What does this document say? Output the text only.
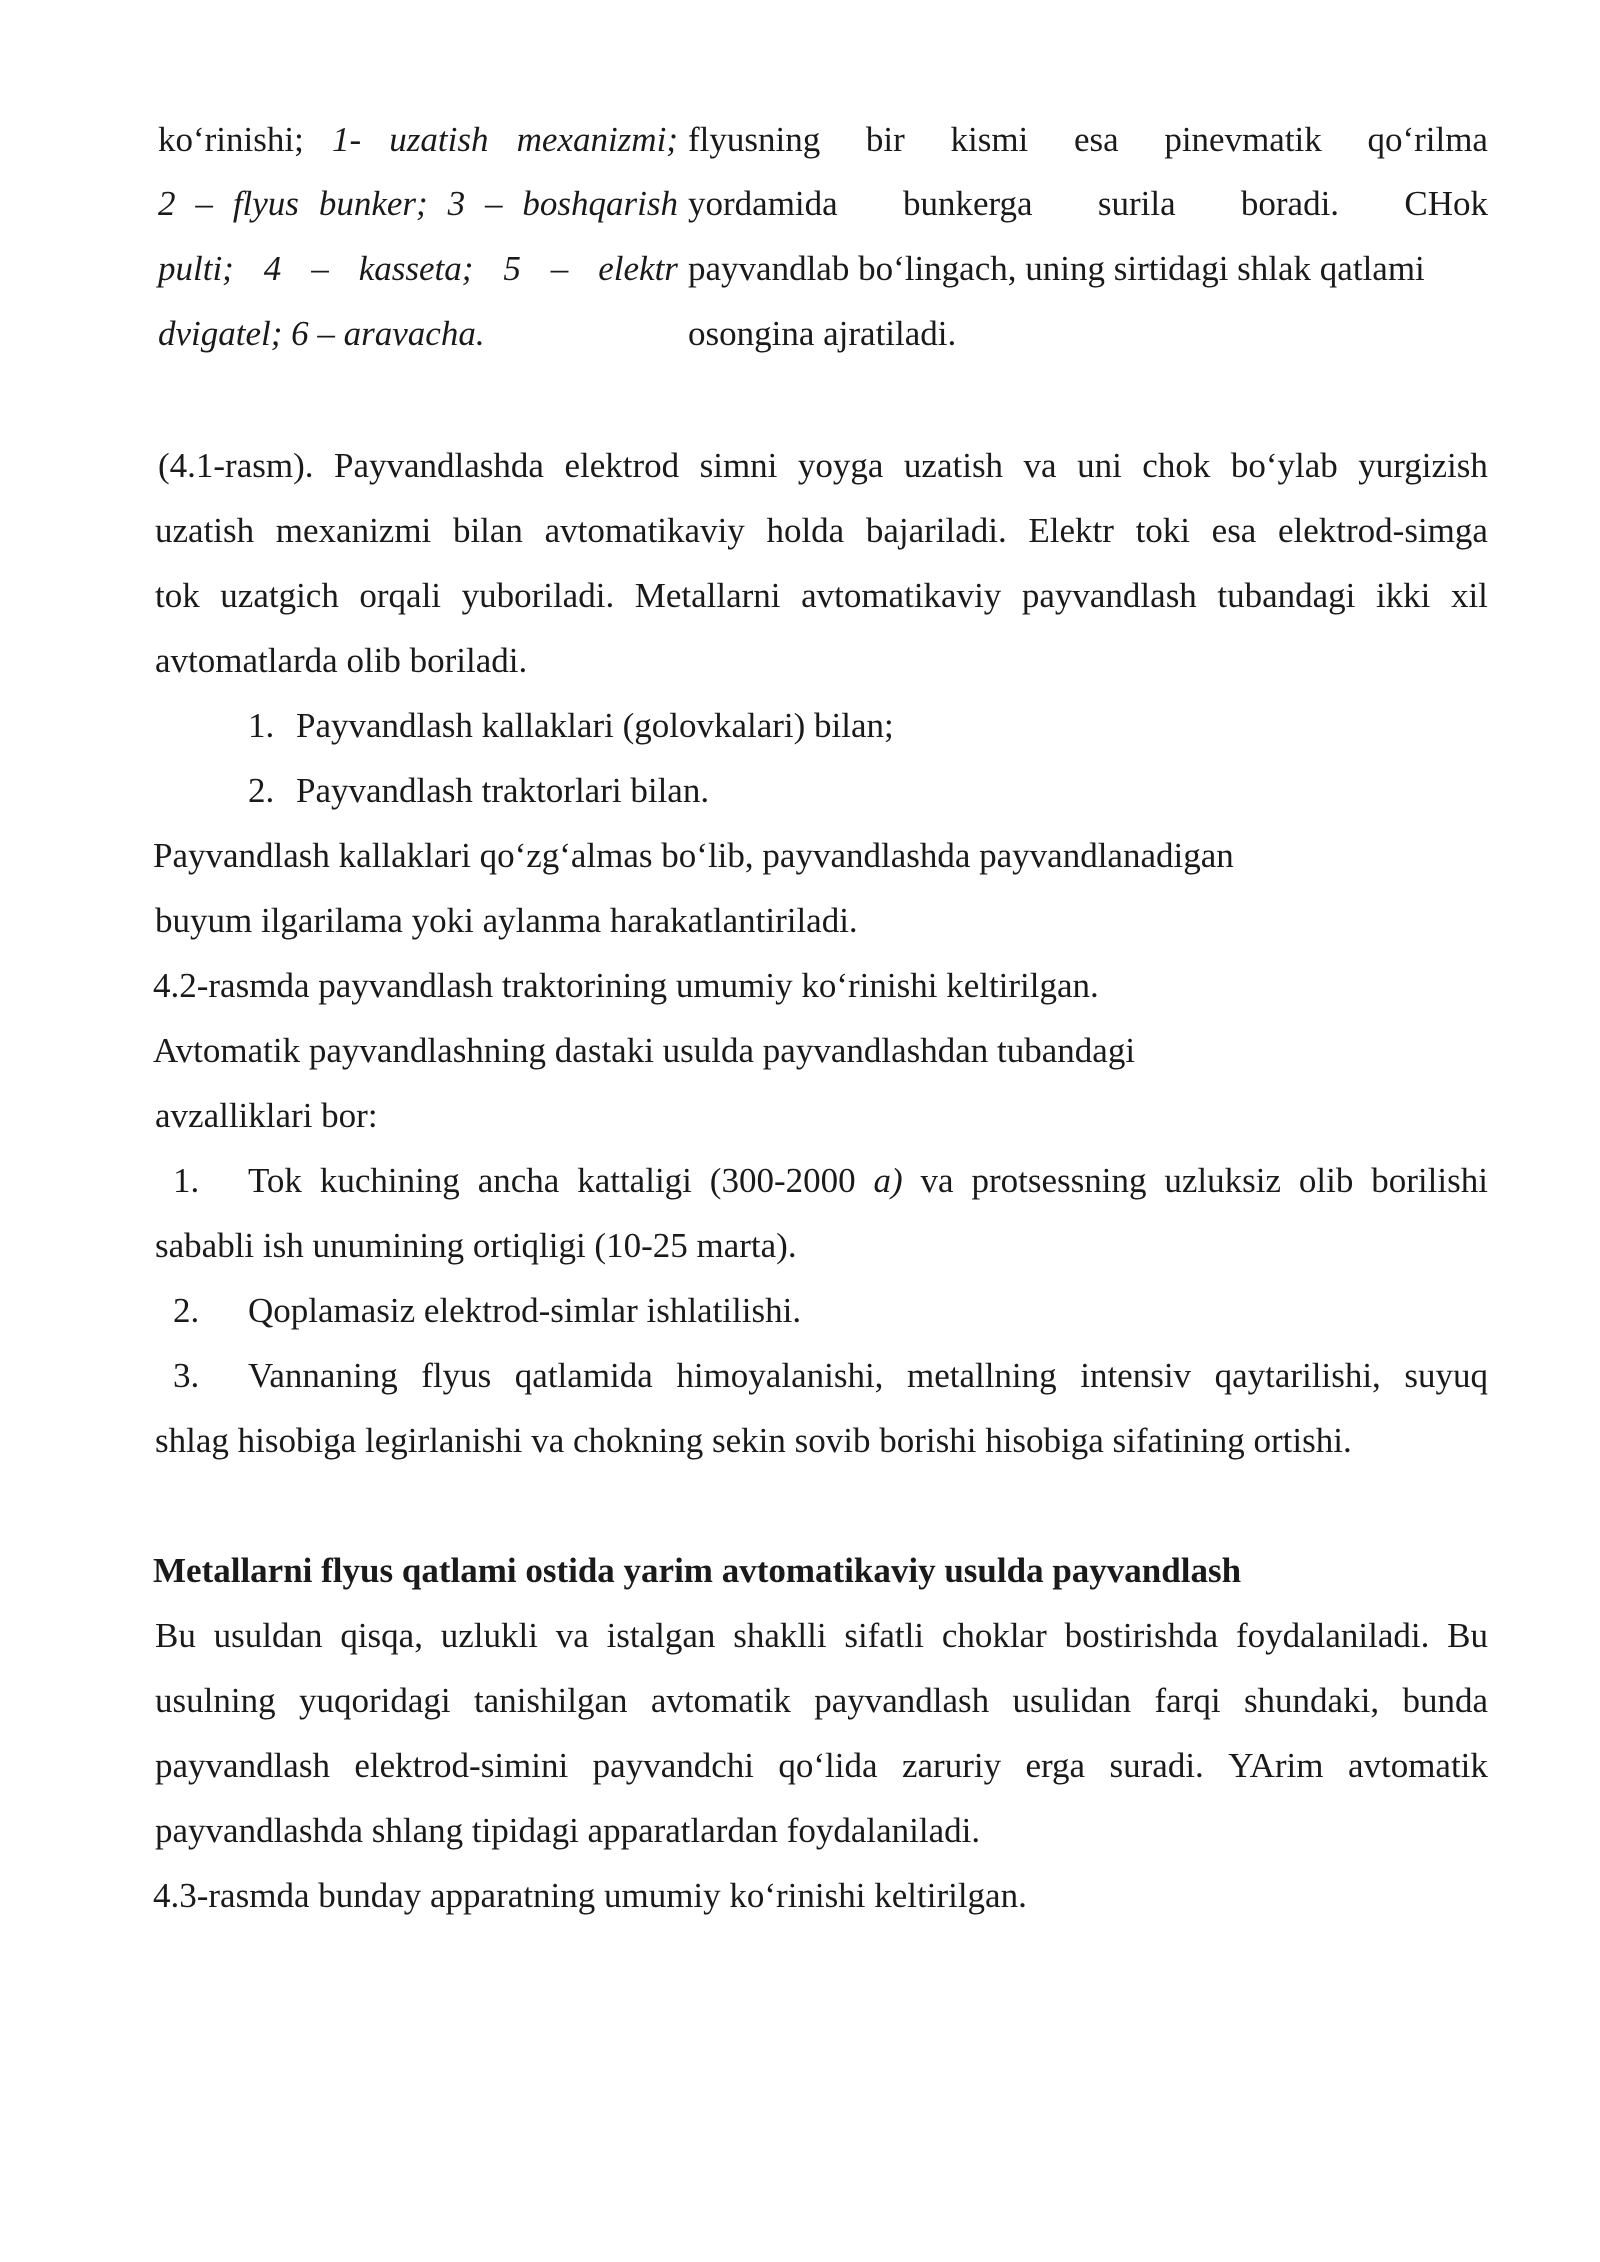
ko‘rinishi; 1- uzatish mexanizmi; flyusning bir kismi esa pinevmatik qo‘rilma
2 – flyus bunker; 3 – boshqarish yordamida bunkerga surila boradi. CHok
pulti; 4 – kasseta; 5 – elektr payvandlab bo‘lingach, uning sirtidagi shlak qatlami
dvigatel; 6 – aravacha.	osongina ajratiladi.
(4.1-rasm). Payvandlashda elektrod simni yoyga uzatish va uni chok bo‘ylab yurgizish
uzatish mexanizmi bilan avtomatikaviy holda bajariladi. Elektr toki esa elektrod-simga
tok uzatgich orqali yuboriladi. Metallarni avtomatikaviy payvandlash tubandagi ikki xil
avtomatlarda olib boriladi.
1. Payvandlash kallaklari (golovkalari) bilan;
2. Payvandlash traktorlari bilan.
Payvandlash kallaklari qo‘zg‘almas bo‘lib, payvandlashda payvandlanadigan
buyum ilgarilama yoki aylanma harakatlantiriladi.
4.2-rasmda payvandlash traktorining umumiy ko‘rinishi keltirilgan.
Avtomatik payvandlashning dastaki usulda payvandlashdan tubandagi
avzalliklari bor:
1. Tok kuchining ancha kattaligi (300-2000 a) va protsessning uzluksiz olib borilishi
sababli ish unumining ortiqligi (10-25 marta).
2. Qoplamasiz elektrod-simlar ishlatilishi.
3. Vannaning flyus qatlamida himoyalanishi, metallning intensiv qaytarilishi, suyuq
shlag hisobiga legirlanishi va chokning sekin sovib borishi hisobiga sifatining ortishi.
Metallarni flyus qatlami ostida yarim avtomatikaviy usulda payvandlash
Bu usuldan qisqa, uzlukli va istalgan shaklli sifatli choklar bostirishda foydalaniladi. Bu
usulning yuqoridagi tanishilgan avtomatik payvandlash usulidan farqi shundaki, bunda
payvandlash elektrod-simini payvandchi qo‘lida zaruriy erga suradi. YArim avtomatik
payvandlashda shlang tipidagi apparatlardan foydalaniladi.
4.3-rasmda bunday apparatning umumiy ko‘rinishi keltirilgan.
